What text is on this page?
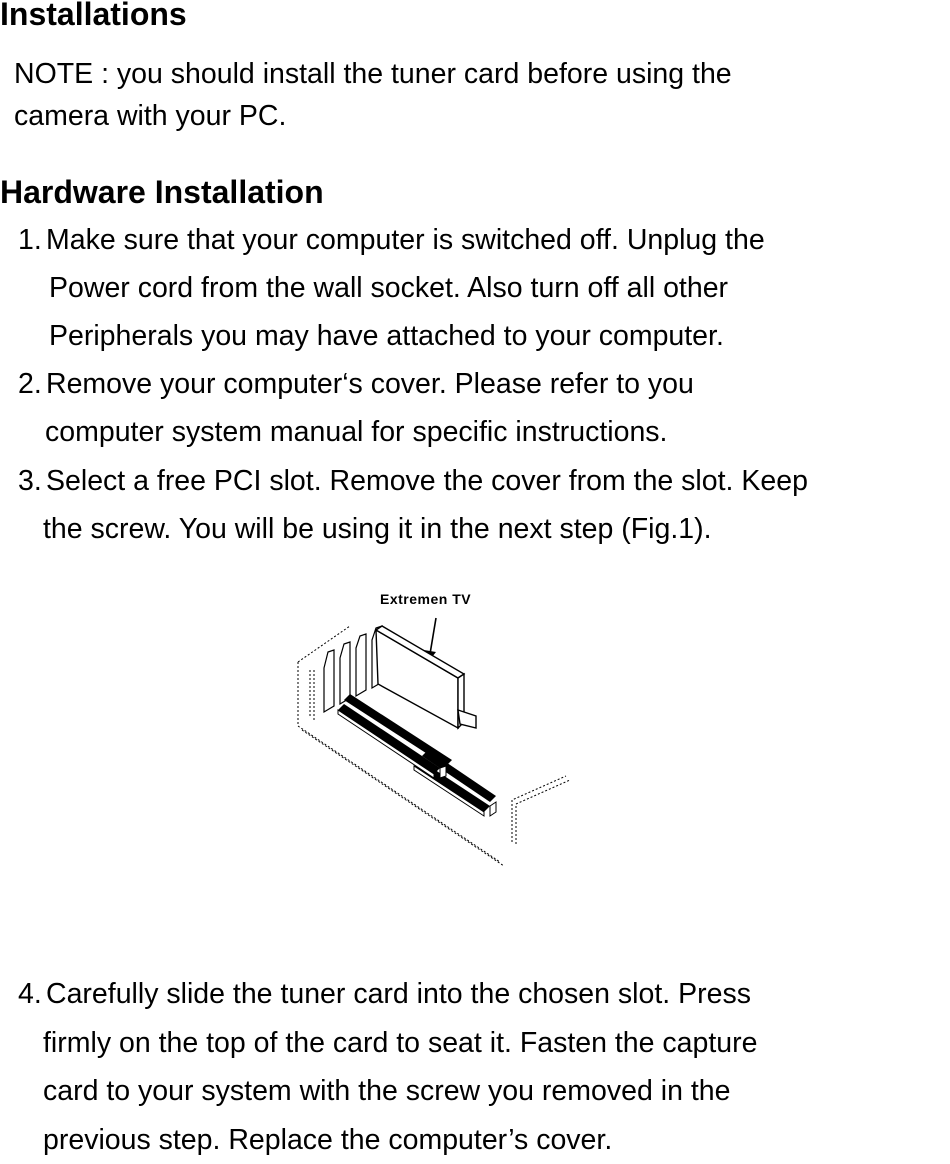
Installations

NOTE : you should install the tuner card before using the
camera with your PC.

Hardware Installation
1. Make sure that your computer is switched off. Unplug the
Power cord from the wall socket. Also turn off all other
Peripherals you may have attached to your computer.
2. Remove your computer‘s cover. Please refer to you
computer system manual for specific instructions.
3. Select a free PCI slot. Remove the cover from the slot. Keep
the screw. You will be using it in the next step (Fig.1).
Extremen TV
4. Carefully slide the tuner card into the chosen slot. Press
firmly on the top of the card to seat it. Fasten the capture
card to your system with the screw you removed in the
previous step. Replace the computer’s cover.
